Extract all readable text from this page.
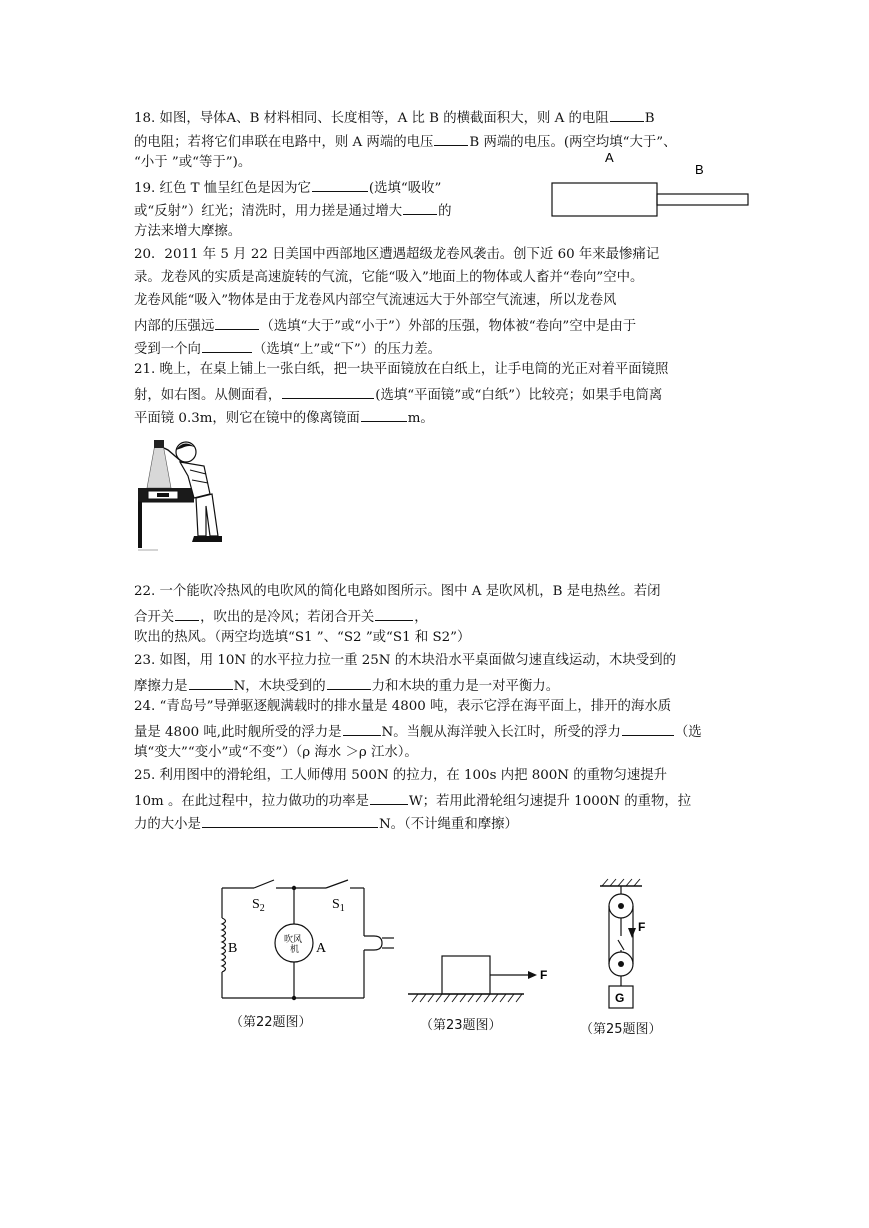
18. 如图，导体A、B 材料相同、长度相等，A 比 B 的横截面积大，则 A 的电阻	B
的电阻；若将它们串联在电路中，则 A 两端的电压	B 两端的电压。(两空均填“大于”、
“小于 ”或“等于”)。	A
B
19. 红色 T 恤呈红色是因为它	(选填“吸收”
或“反射”）红光；清洗时，用力搓是通过增大	的
方法来增大摩擦。
20．2011 年 5 月 22 日美国中西部地区遭遇超级龙卷风袭击。创下近 60 年来最惨痛记
录。龙卷风的实质是高速旋转的气流，它能“吸入”地面上的物体或人畜并“卷向”空中。
龙卷风能“吸入”物体是由于龙卷风内部空气流速远大于外部空气流速，所以龙卷风
内部的压强远	（选填“大于”或“小于”）外部的压强，物体被“卷向”空中是由于
受到一个向	（选填“上”或“下”）的压力差。
21. 晚上，在桌上铺上一张白纸，把一块平面镜放在白纸上，让手电筒的光正对着平面镜照
射，如右图。从侧面看，	(选填“平面镜”或“白纸”）比较亮；如果手电筒离
平面镜 0.3m，则它在镜中的像离镜面	m。
22. 一个能吹冷热风的电吹风的简化电路如图所示。图中 A 是吹风机，B 是电热丝。若闭
合开关 ，吹出的是冷风；若闭合开关	，
吹出的热风。（两空均选填“S1 ”、“S2 ”或“S1 和 S2”）
23. 如图，用 10N 的水平拉力拉一重 25N 的木块沿水平桌面做匀速直线运动，木块受到的
摩擦力是	N，木块受到的	力和木块的重力是一对平衡力。
24. “青岛号”导弹驱逐舰满载时的排水量是 4800 吨，表示它浮在海平面上，排开的海水质
量是 4800 吨,此时舰所受的浮力是	N。当舰从海洋驶入长江时，所受的浮力	（选
填“变大”“变小”或“不变”）（ρ 海水 ＞ρ 江水）。
25. 利用图中的滑轮组，工人师傅用 500N 的拉力，在 100s 内把 800N 的重物匀速提升
10m 。在此过程中，拉力做功的功率是	W；若用此滑轮组匀速提升 1000N 的重物，拉
力的大小是	N。（不计绳重和摩擦）
$S_2$	$S_1$
B	A
吹风
机
（第22题图）
F
（第23题图）
F
G
（第25题图）
